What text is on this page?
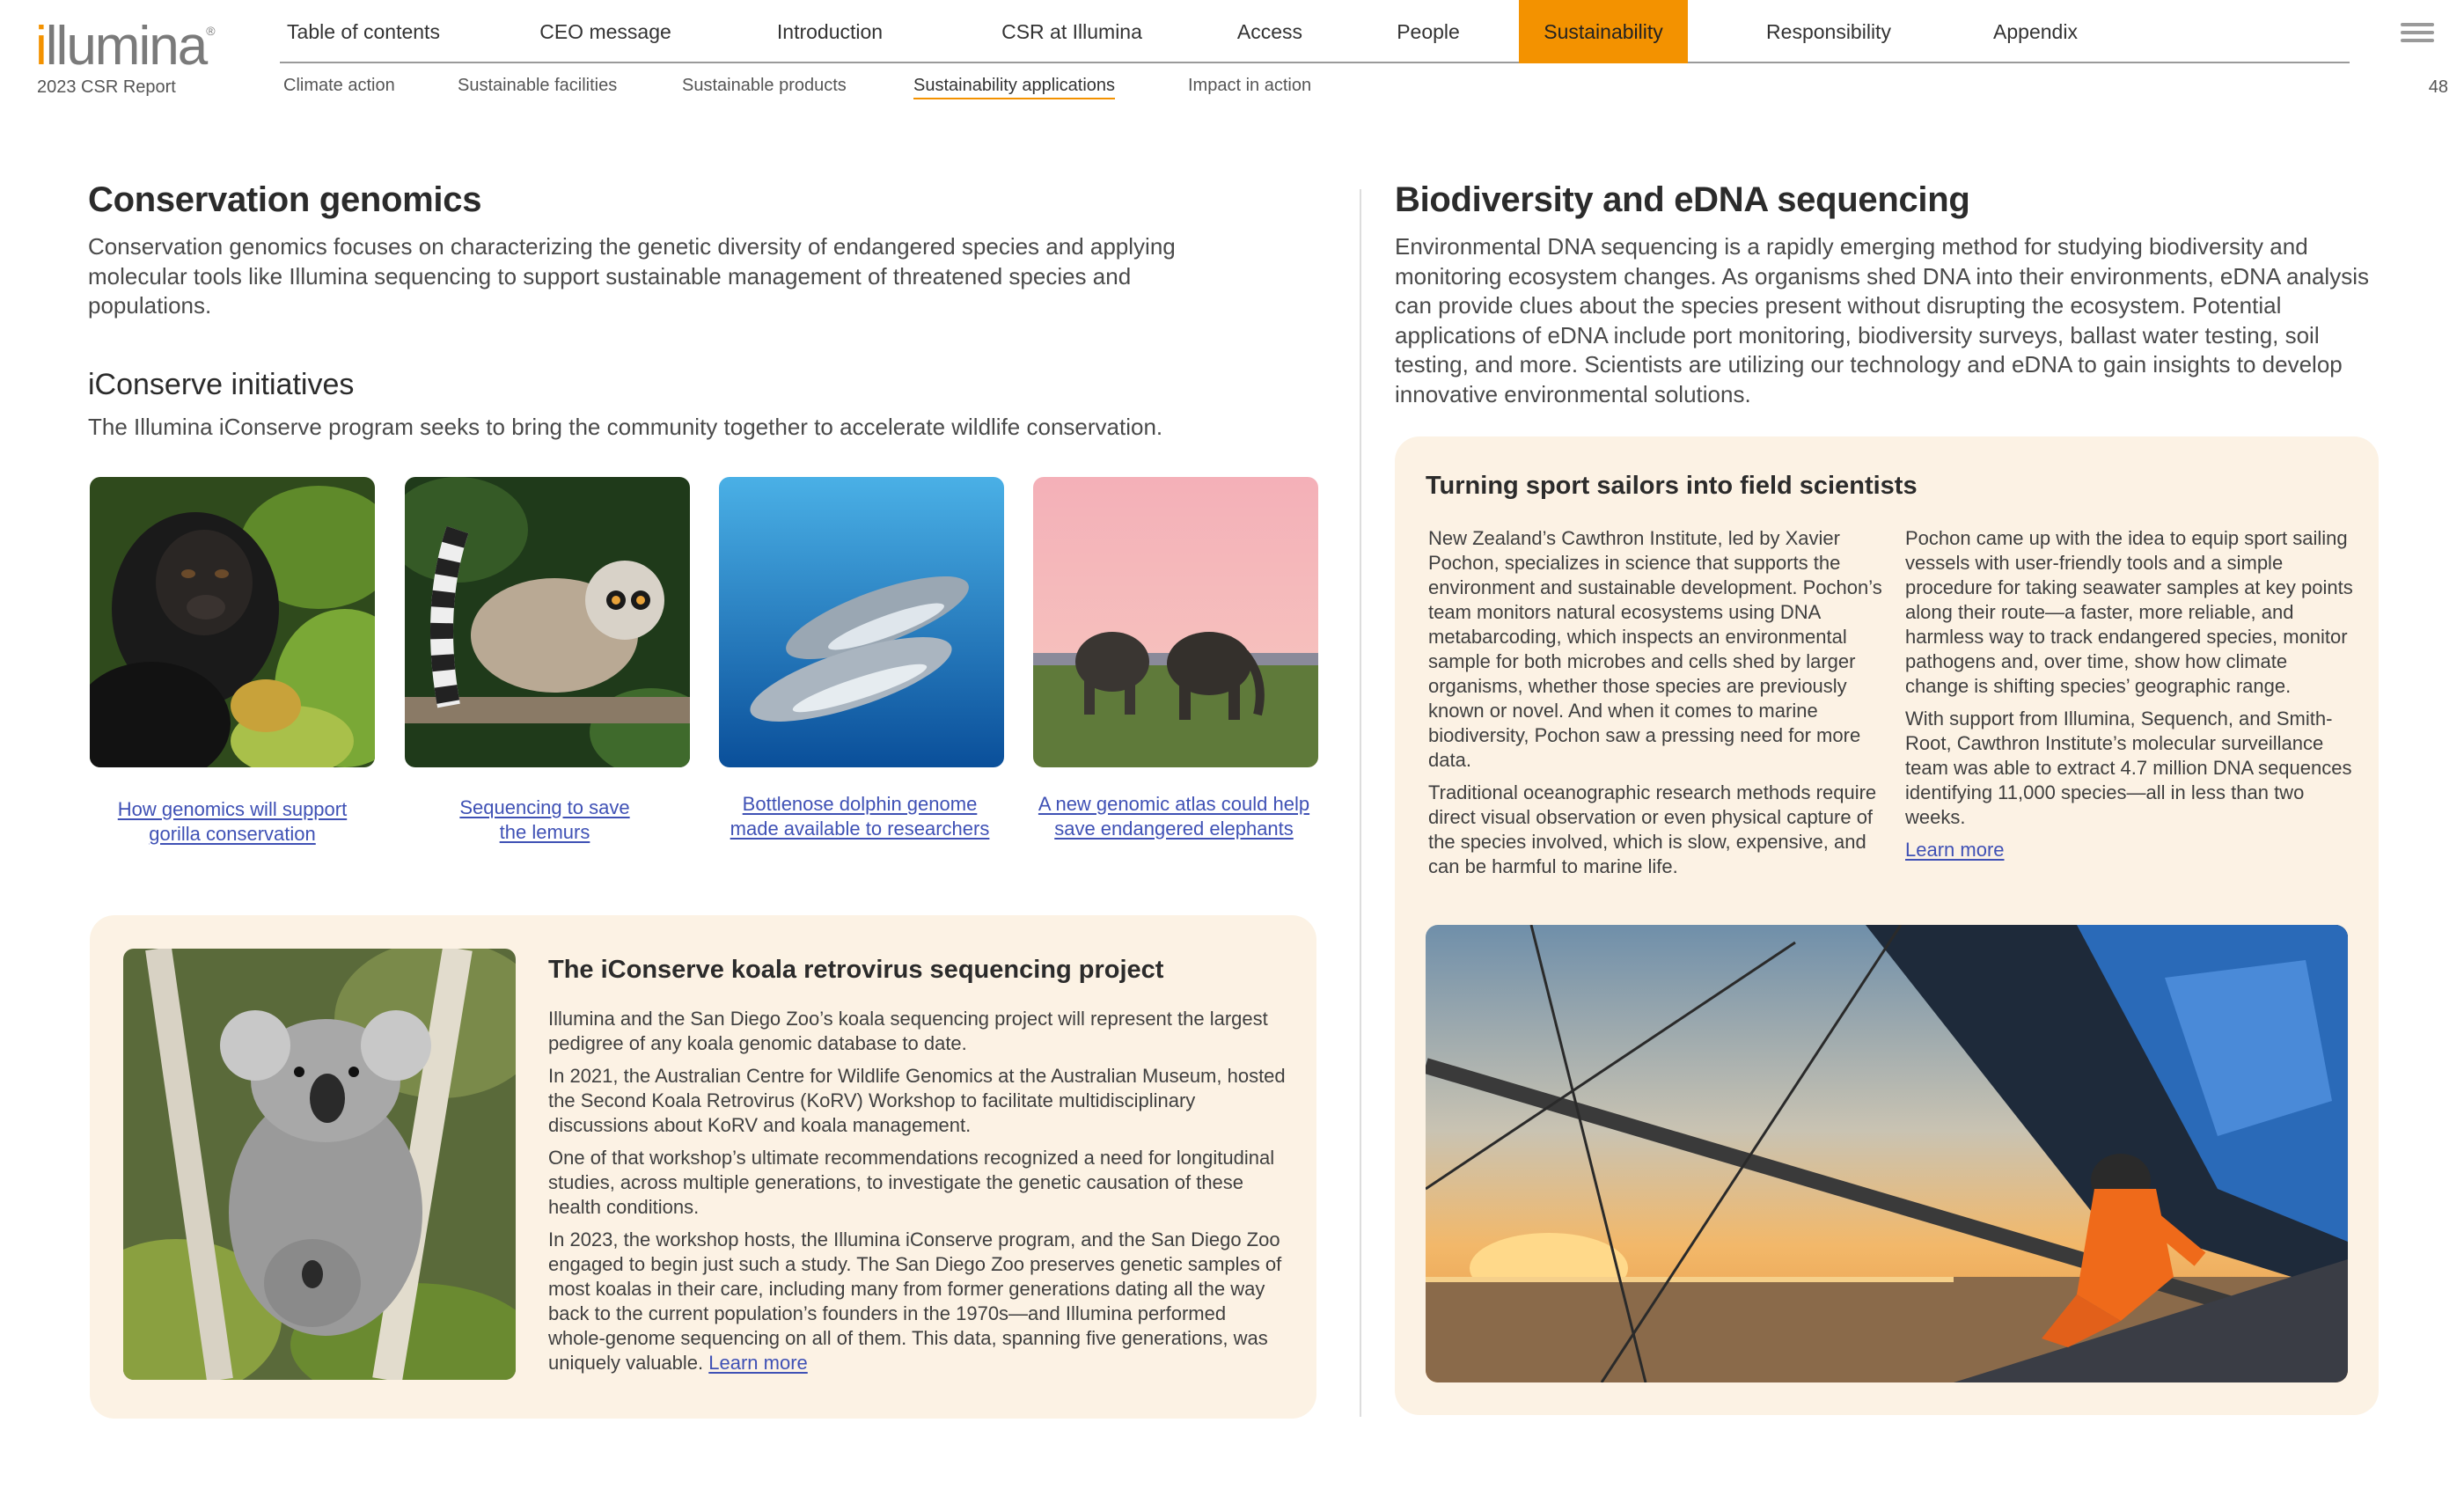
illumina®
2023 CSR Report
Table of contents	CEO message	Introduction	CSR at Illumina	Access	People	Sustainability	Responsibility	Appendix
Climate action	Sustainable facilities	Sustainable products	Sustainability applications	Impact in action	48
Conservation genomics
Conservation genomics focuses on characterizing the genetic diversity of endangered species and applying molecular tools like Illumina sequencing to support sustainable management of threatened species and populations.
iConserve initiatives
The Illumina iConserve program seeks to bring the community together to accelerate wildlife conservation.
How genomics will support
gorilla conservation
Sequencing to save
the lemurs
Bottlenose dolphin genome
made available to researchers
A new genomic atlas could help
save endangered elephants
The iConserve koala retrovirus sequencing project

Illumina and the San Diego Zoo’s koala sequencing project will represent the largest pedigree of any koala genomic database to date.

In 2021, the Australian Centre for Wildlife Genomics at the Australian Museum, hosted the Second Koala Retrovirus (KoRV) Workshop to facilitate multidisciplinary discussions about KoRV and koala management.

One of that workshop’s ultimate recommendations recognized a need for longitudinal studies, across multiple generations, to investigate the genetic causation of these health conditions.

In 2023, the workshop hosts, the Illumina iConserve program, and the San Diego Zoo engaged to begin just such a study. The San Diego Zoo preserves genetic samples of most koalas in their care, including many from former generations dating all the way back to the current population’s founders in the 1970s—and Illumina performed whole-genome sequencing on all of them. This data, spanning five generations, was uniquely valuable. Learn more

Biodiversity and eDNA sequencing
Environmental DNA sequencing is a rapidly emerging method for studying biodiversity and monitoring ecosystem changes. As organisms shed DNA into their environments, eDNA analysis can provide clues about the species present without disrupting the ecosystem. Potential applications of eDNA include port monitoring, biodiversity surveys, ballast water testing, soil testing, and more. Scientists are utilizing our technology and eDNA to gain insights to develop innovative environmental solutions.
Turning sport sailors into field scientists

New Zealand’s Cawthron Institute, led by Xavier Pochon, specializes in science that supports the environment and sustainable development. Pochon’s team monitors natural ecosystems using DNA metabarcoding, which inspects an environmental sample for both microbes and cells shed by larger organisms, whether those species are previously known or novel. And when it comes to marine biodiversity, Pochon saw a pressing need for more data.

Traditional oceanographic research methods require direct visual observation or even physical capture of the species involved, which is slow, expensive, and can be harmful to marine life.

Pochon came up with the idea to equip sport sailing vessels with user-friendly tools and a simple procedure for taking seawater samples at key points along their route—a faster, more reliable, and harmless way to track endangered species, monitor pathogens and, over time, show how climate change is shifting species’ geographic range.

With support from Illumina, Sequench, and Smith-Root, Cawthron Institute’s molecular surveillance team was able to extract 4.7 million DNA sequences identifying 11,000 species—all in less than two weeks.

Learn more
